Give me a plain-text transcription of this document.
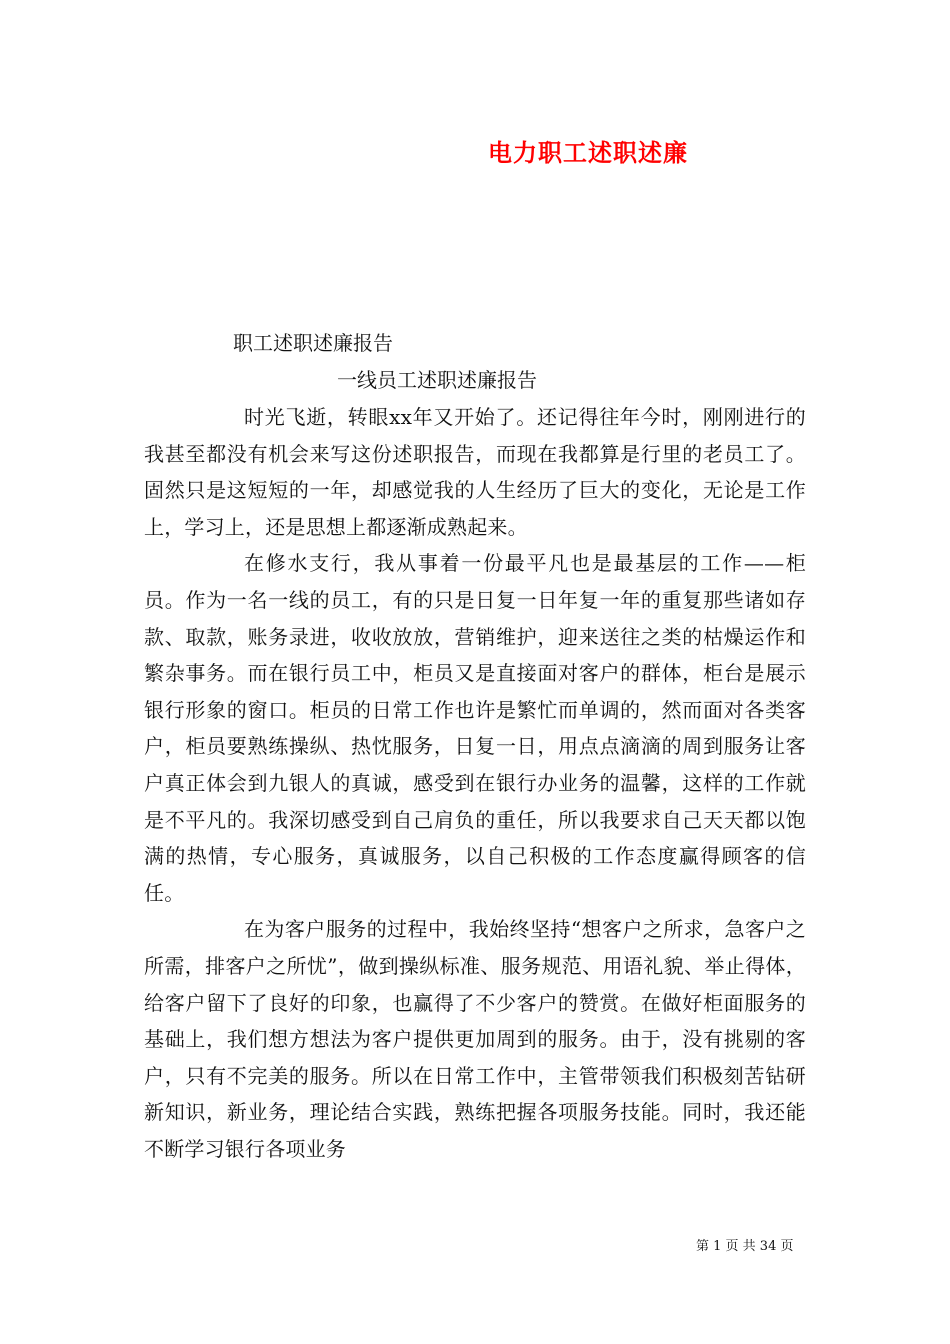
电力职工述职述廉
职工述职述廉报告
一线员工述职述廉报告

时光飞逝，转眼xx年又开始了。还记得往年今时，刚刚进行的我甚至都没有机会来写这份述职报告，而现在我都算是行里的老员工了。固然只是这短短的一年，却感觉我的人生经历了巨大的变化，无论是工作上，学习上，还是思想上都逐渐成熟起来。

在修水支行，我从事着一份最平凡也是最基层的工作——柜员。作为一名一线的员工，有的只是日复一日年复一年的重复那些诸如存款、取款，账务录进，收收放放，营销维护，迎来送往之类的枯燥运作和繁杂事务。而在银行员工中，柜员又是直接面对客户的群体，柜台是展示银行形象的窗口。柜员的日常工作也许是繁忙而单调的，然而面对各类客户，柜员要熟练操纵、热忱服务，日复一日，用点点滴滴的周到服务让客户真正体会到九银人的真诚，感受到在银行办业务的温馨，这样的工作就是不平凡的。我深切感受到自己肩负的重任，所以我要求自己天天都以饱满的热情，专心服务，真诚服务，以自己积极的工作态度赢得顾客的信任。

在为客户服务的过程中，我始终坚持“想客户之所求，急客户之所需，排客户之所忧”，做到操纵标准、服务规范、用语礼貌、举止得体，给客户留下了良好的印象，也赢得了不少客户的赞赏。在做好柜面服务的基础上，我们想方想法为客户提供更加周到的服务。由于，没有挑剔的客户，只有不完美的服务。所以在日常工作中，主管带领我们积极刻苦钻研新知识，新业务，理论结合实践，熟练把握各项服务技能。同时，我还能不断学习银行各项业务

第 1 页 共 34 页
